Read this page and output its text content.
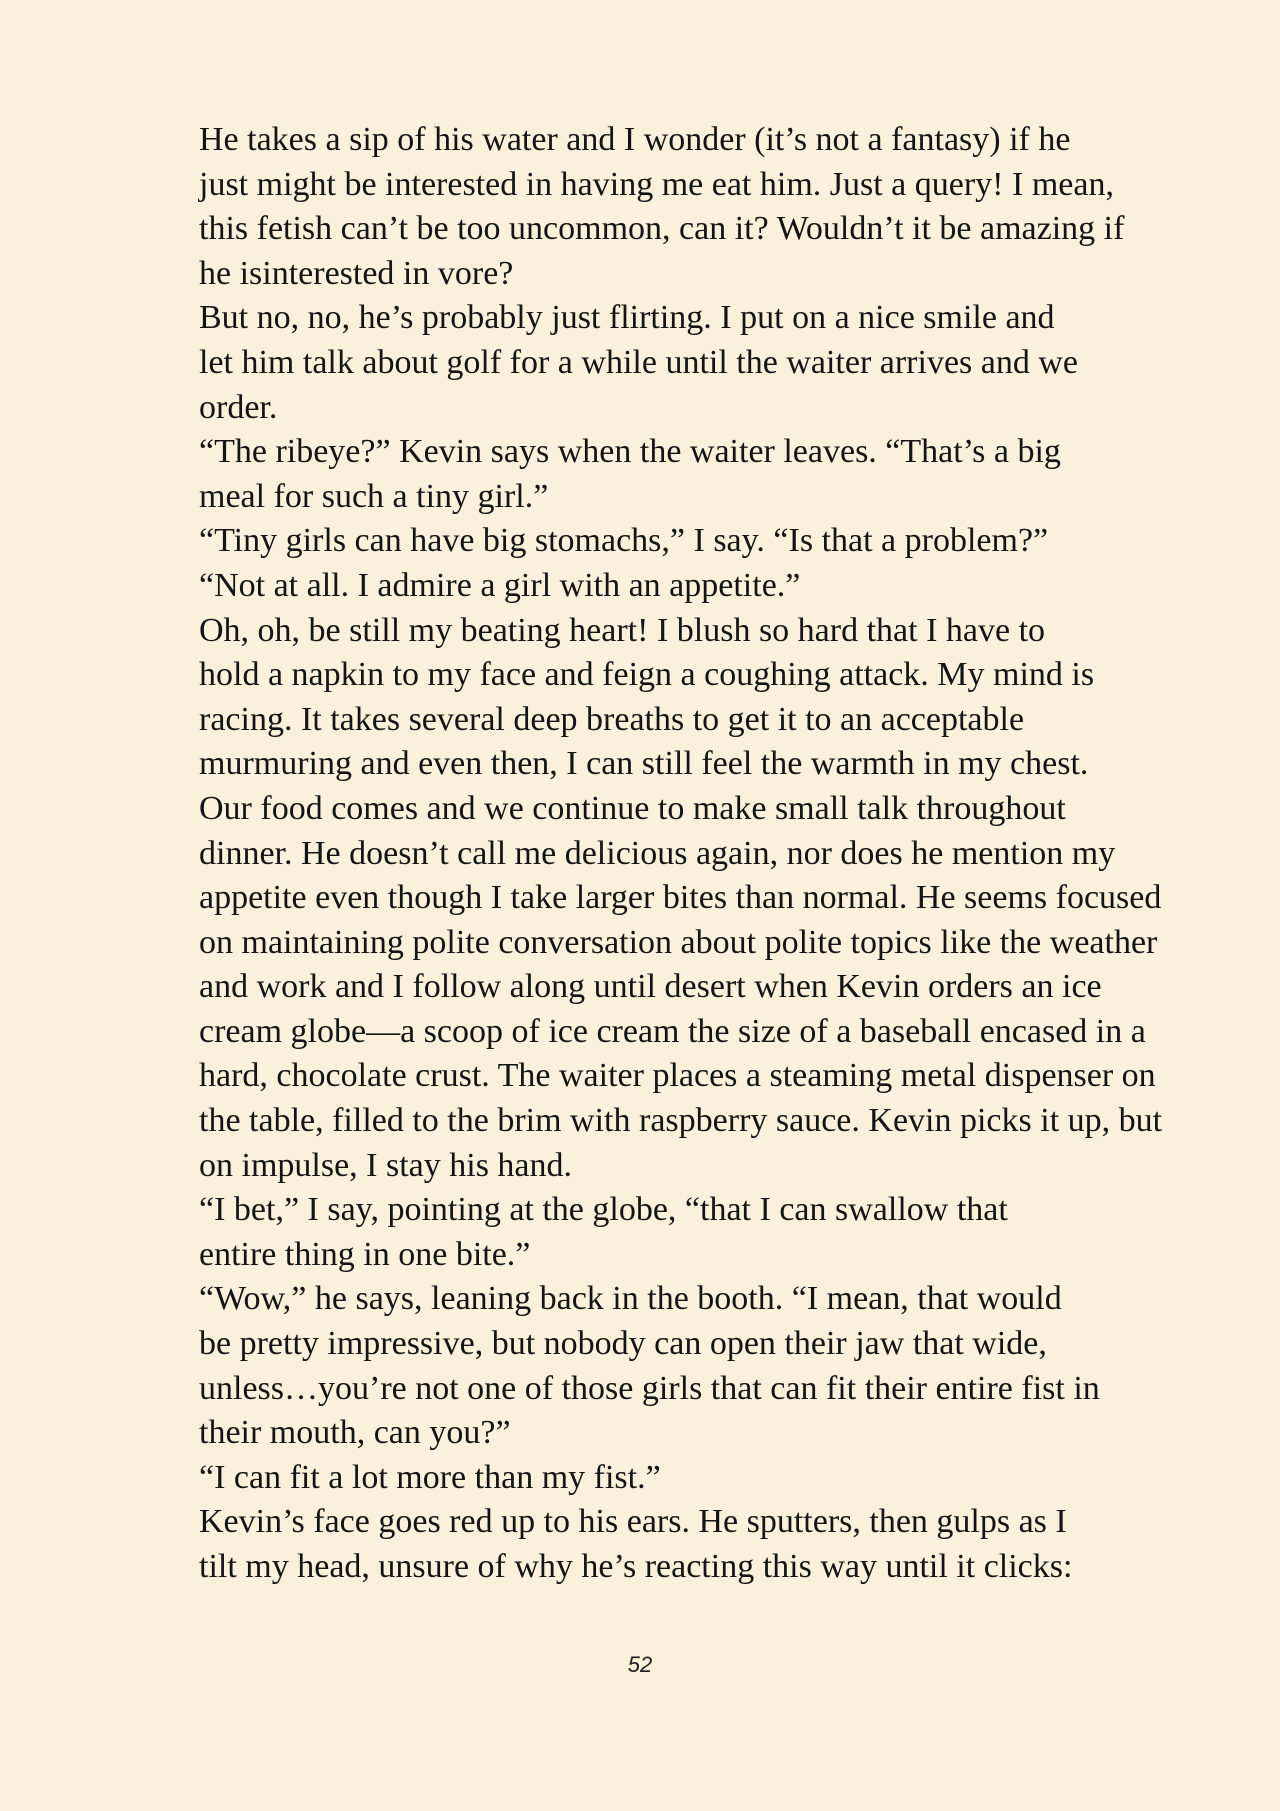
He takes a sip of his water and I wonder (it’s not a fantasy) if he
just might be interested in having me eat him. Just a query! I mean,
this fetish can’t be too uncommon, can it? Wouldn’t it be amazing if
he isinterested in vore?

But no, no, he’s probably just flirting. I put on a nice smile and
let him talk about golf for a while until the waiter arrives and we
order.

“The ribeye?” Kevin says when the waiter leaves. “That’s a big
meal for such a tiny girl.”

“Tiny girls can have big stomachs,” I say. “Is that a problem?”

“Not at all. I admire a girl with an appetite.”

Oh, oh, be still my beating heart! I blush so hard that I have to
hold a napkin to my face and feign a coughing attack. My mind is
racing. It takes several deep breaths to get it to an acceptable
murmuring and even then, I can still feel the warmth in my chest.

Our food comes and we continue to make small talk throughout
dinner. He doesn’t call me delicious again, nor does he mention my
appetite even though I take larger bites than normal. He seems focused
on maintaining polite conversation about polite topics like the weather
and work and I follow along until desert when Kevin orders an ice
cream globe—a scoop of ice cream the size of a baseball encased in a
hard, chocolate crust. The waiter places a steaming metal dispenser on
the table, filled to the brim with raspberry sauce. Kevin picks it up, but
on impulse, I stay his hand.

“I bet,” I say, pointing at the globe, “that I can swallow that
entire thing in one bite.”

“Wow,” he says, leaning back in the booth. “I mean, that would
be pretty impressive, but nobody can open their jaw that wide,
unless…you’re not one of those girls that can fit their entire fist in
their mouth, can you?”

“I can fit a lot more than my fist.”

Kevin’s face goes red up to his ears. He sputters, then gulps as I
tilt my head, unsure of why he’s reacting this way until it clicks:

52
